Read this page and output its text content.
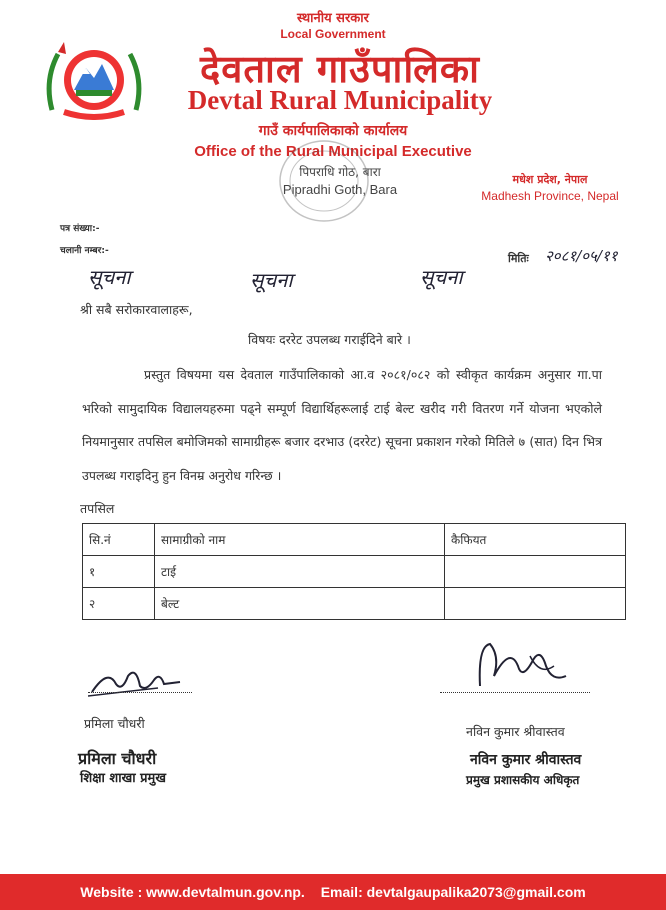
स्थानीय सरकार
Local Government
देवताल गाउँपालिका
Devtal Rural Municipality
गाउँ कार्यपालिकाको कार्यालय
Office of the Rural Municipal Executive
पिपराधि गोठ, बारा
Pipradhi Goth, Bara
मधेश प्रदेश, नेपाल
Madhesh Province, Nepal
पत्र संख्या:-
चलानी नम्बर:-
सूचना	सूचना	सूचना
मितिः २०८१/०५/११
श्री सबै सरोकारवालाहरू,
विषयः दररेट उपलब्ध गराईदिने बारे ।
प्रस्तुत विषयमा यस देवताल गाउँपालिकाको आ.व २०८१/०८२ को स्वीकृत कार्यक्रम अनुसार गा.पा भरिको सामुदायिक विद्यालयहरुमा पढ्ने सम्पूर्ण विद्यार्थिहरूलाई टाई बेल्ट खरीद गरी वितरण गर्ने योजना भएकोले नियमानुसार तपसिल बमोजिमको सामाग्रीहरू बजार दरभाउ (दररेट) सूचना प्रकाशन गरेको मितिले ७ (सात) दिन भित्र उपलब्ध गराइदिनु हुन विनम्र अनुरोध गरिन्छ ।
तपसिल
सि.नं	सामाग्रीको नाम	कैफियत
१	टाई	
२	बेल्ट	
प्रमिला चौधरी
प्रमिला चौधरी
शिक्षा शाखा प्रमुख
नविन कुमार श्रीवास्तव
नविन कुमार श्रीवास्तव
प्रमुख प्रशासकीय अधिकृत
Website : www.devtalmun.gov.np. Email: devtalgaupalika2073@gmail.com
